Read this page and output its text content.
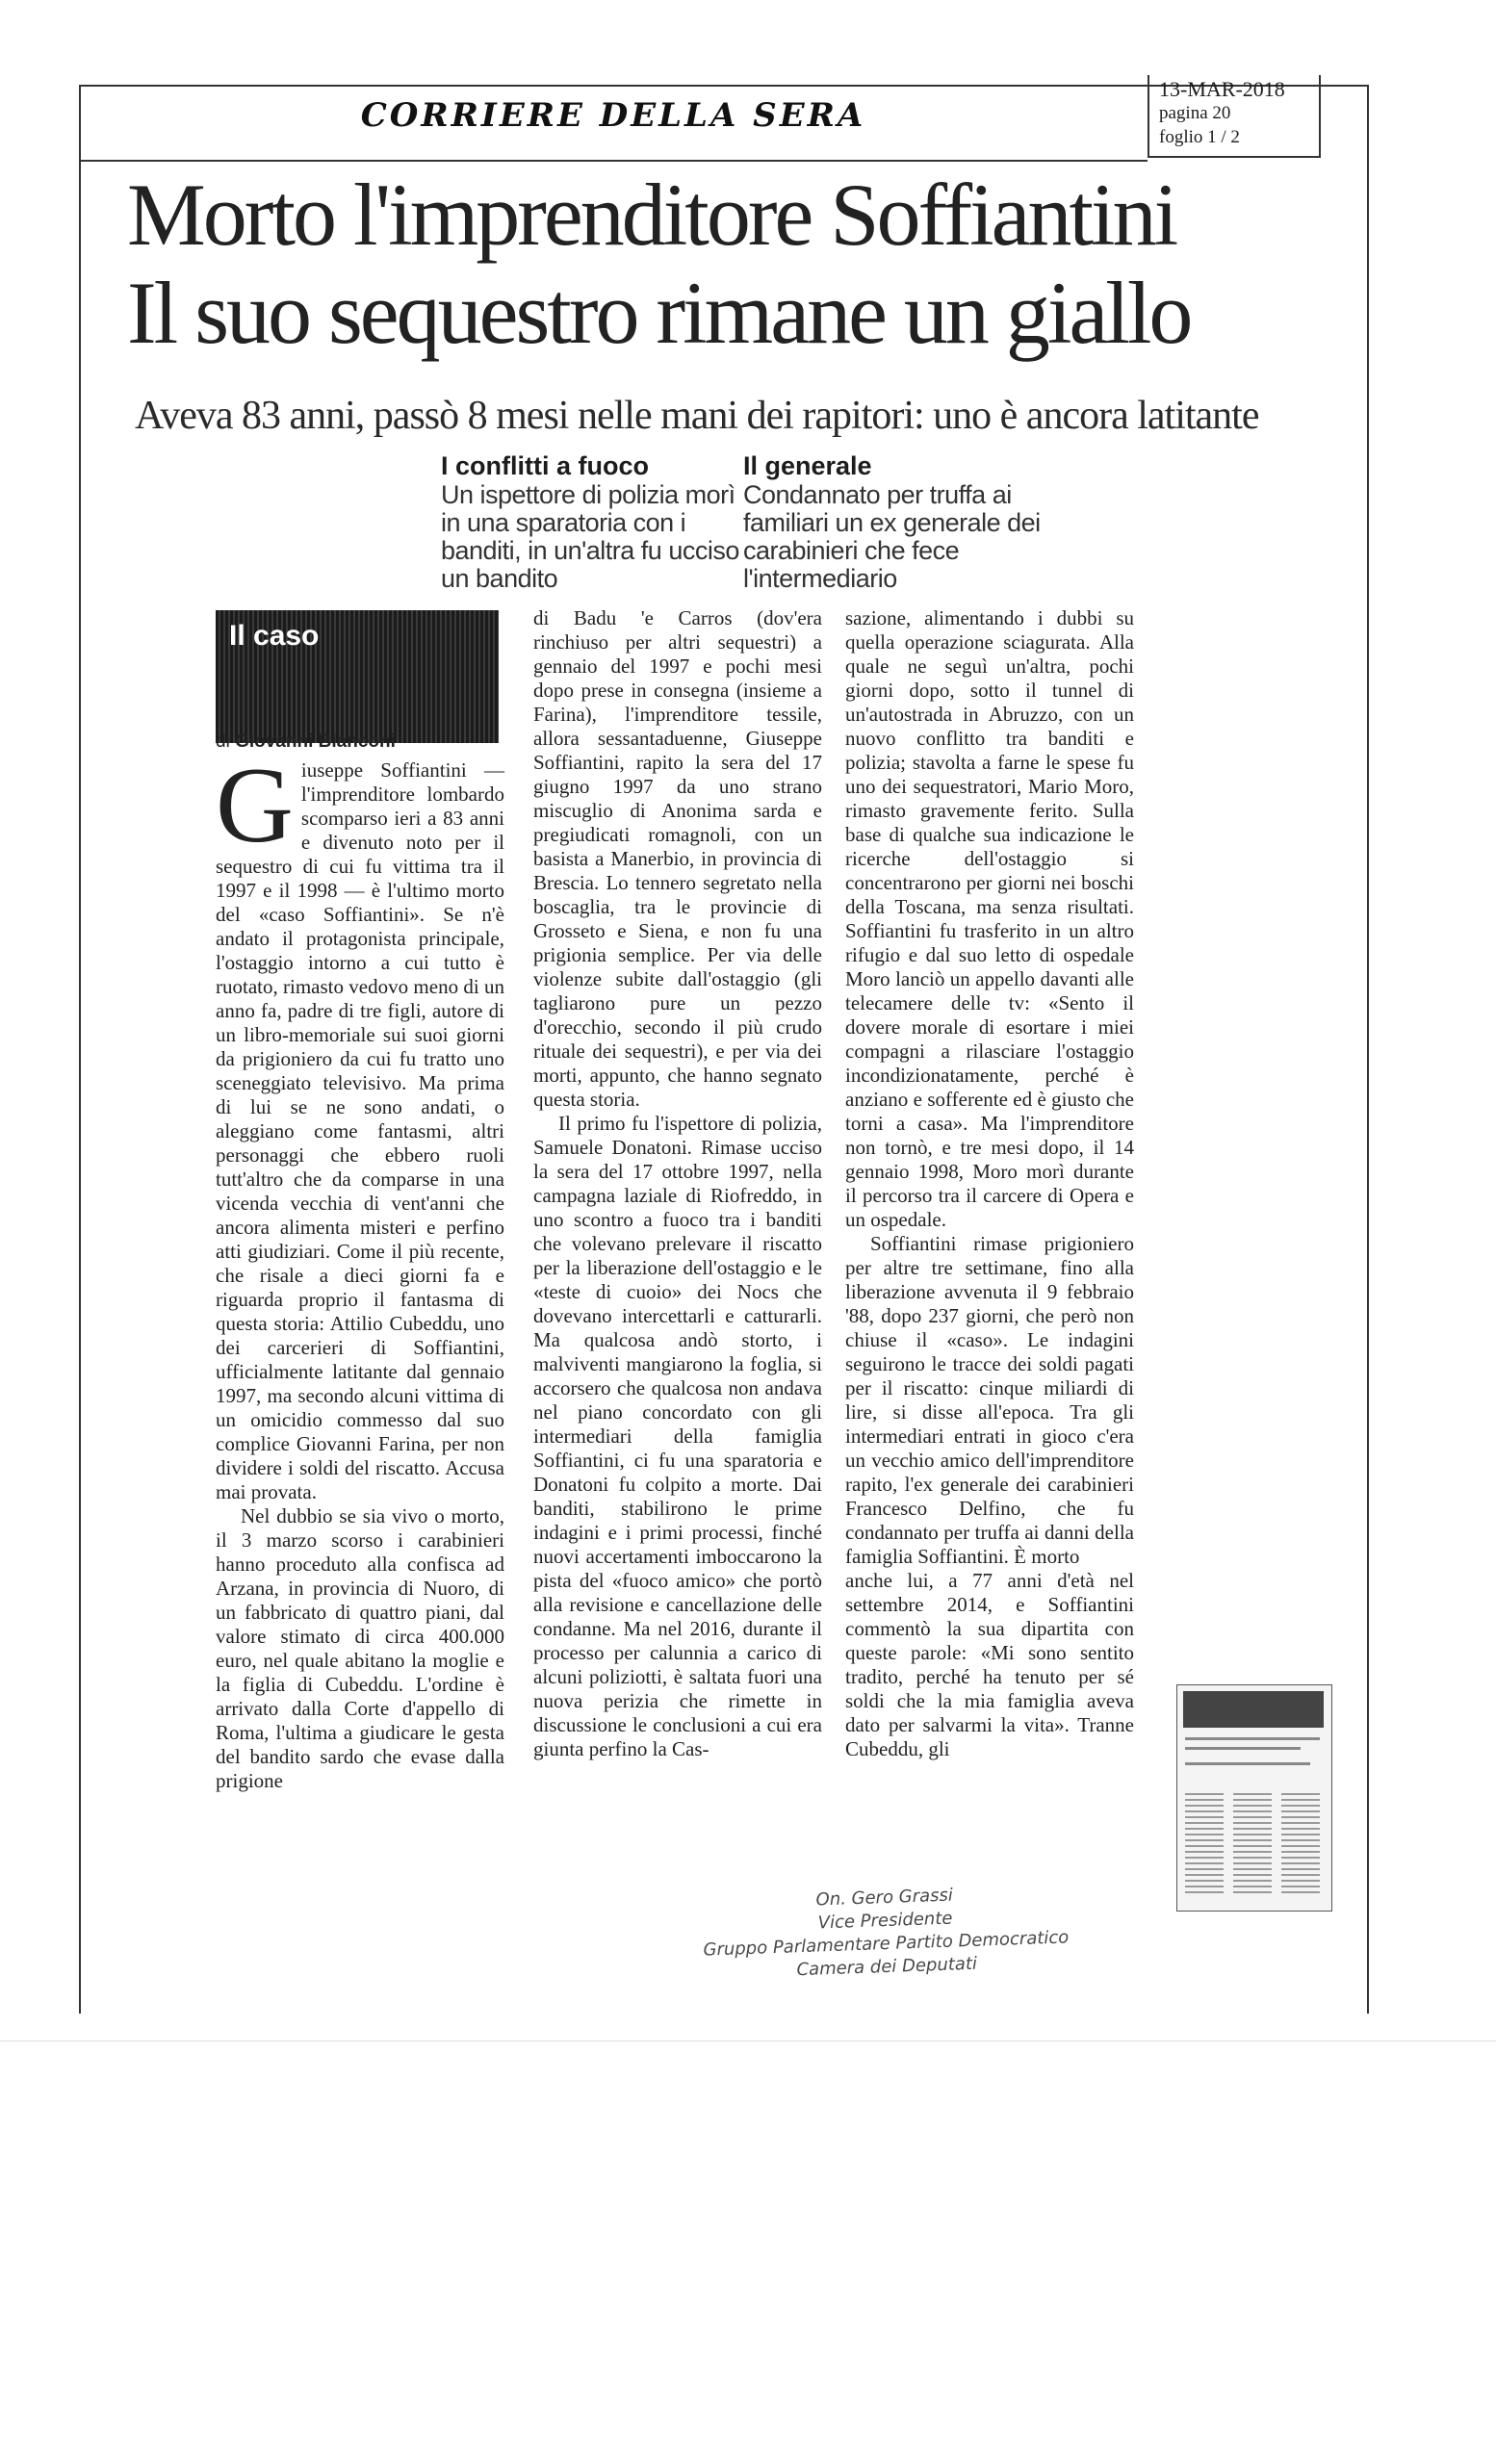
CORRIERE DELLA SERA
13-MAR-2018
pagina 20
foglio 1 / 2
Morto l'imprenditore Soffiantini
Il suo sequestro rimane un giallo
Aveva 83 anni, passò 8 mesi nelle mani dei rapitori: uno è ancora latitante
I conflitti a fuoco
Un ispettore di polizia morì in una sparatoria con i banditi, in un'altra fu ucciso un bandito
Il generale
Condannato per truffa ai familiari un ex generale dei carabinieri che fece l'intermediario
Il caso
di Giovanni Bianconi

Giuseppe Soffiantini — l'imprenditore lombardo scomparso ieri a 83 anni e divenuto noto per il sequestro di cui fu vittima tra il 1997 e il 1998 — è l'ultimo morto del «caso Soffiantini». Se n'è andato il protagonista principale, l'ostaggio intorno a cui tutto è ruotato, rimasto vedovo meno di un anno fa, padre di tre figli, autore di un libro-memoriale sui suoi giorni da prigioniero da cui fu tratto uno sceneggiato televisivo. Ma prima di lui se ne sono andati, o aleggiano come fantasmi, altri personaggi che ebbero ruoli tutt'altro che da comparse in una vicenda vecchia di vent'anni che ancora alimenta misteri e perfino atti giudiziari. Come il più recente, che risale a dieci giorni fa e riguarda proprio il fantasma di questa storia: Attilio Cubeddu, uno dei carcerieri di Soffiantini, ufficialmente latitante dal gennaio 1997, ma secondo alcuni vittima di un omicidio commesso dal suo complice Giovanni Farina, per non dividere i soldi del riscatto. Accusa mai provata.

Nel dubbio se sia vivo o morto, il 3 marzo scorso i carabinieri hanno proceduto alla confisca ad Arzana, in provincia di Nuoro, di un fabbricato di quattro piani, dal valore stimato di circa 400.000 euro, nel quale abitano la moglie e la figlia di Cubeddu. L'ordine è arrivato dalla Corte d'appello di Roma, l'ultima a giudicare le gesta del bandito sardo che evase dalla prigione

di Badu 'e Carros (dov'era rinchiuso per altri sequestri) a gennaio del 1997 e pochi mesi dopo prese in consegna (insieme a Farina), l'imprenditore tessile, allora sessantaduenne, Giuseppe Soffiantini, rapito la sera del 17 giugno 1997 da uno strano miscuglio di Anonima sarda e pregiudicati romagnoli, con un basista a Manerbio, in provincia di Brescia. Lo tennero segretato nella boscaglia, tra le provincie di Grosseto e Siena, e non fu una prigionia semplice. Per via delle violenze subite dall'ostaggio (gli tagliarono pure un pezzo d'orecchio, secondo il più crudo rituale dei sequestri), e per via dei morti, appunto, che hanno segnato questa storia.

Il primo fu l'ispettore di polizia, Samuele Donatoni. Rimase ucciso la sera del 17 ottobre 1997, nella campagna laziale di Riofreddo, in uno scontro a fuoco tra i banditi che volevano prelevare il riscatto per la liberazione dell'ostaggio e le «teste di cuoio» dei Nocs che dovevano intercettarli e catturarli. Ma qualcosa andò storto, i malviventi mangiarono la foglia, si accorsero che qualcosa non andava nel piano concordato con gli intermediari della famiglia Soffiantini, ci fu una sparatoria e Donatoni fu colpito a morte. Dai banditi, stabilirono le prime indagini e i primi processi, finché nuovi accertamenti imboccarono la pista del «fuoco amico» che portò alla revisione e cancellazione delle condanne. Ma nel 2016, durante il processo per calunnia a carico di alcuni poliziotti, è saltata fuori una nuova perizia che rimette in discussione le conclusioni a cui era giunta perfino la Cas-

sazione, alimentando i dubbi su quella operazione sciagurata. Alla quale ne seguì un'altra, pochi giorni dopo, sotto il tunnel di un'autostrada in Abruzzo, con un nuovo conflitto tra banditi e polizia; stavolta a farne le spese fu uno dei sequestratori, Mario Moro, rimasto gravemente ferito. Sulla base di qualche sua indicazione le ricerche dell'ostaggio si concentrarono per giorni nei boschi della Toscana, ma senza risultati. Soffiantini fu trasferito in un altro rifugio e dal suo letto di ospedale Moro lanciò un appello davanti alle telecamere delle tv: «Sento il dovere morale di esortare i miei compagni a rilasciare l'ostaggio incondizionatamente, perché è anziano e sofferente ed è giusto che torni a casa». Ma l'imprenditore non tornò, e tre mesi dopo, il 14 gennaio 1998, Moro morì durante il percorso tra il carcere di Opera e un ospedale.

Soffiantini rimase prigioniero per altre tre settimane, fino alla liberazione avvenuta il 9 febbraio '88, dopo 237 giorni, che però non chiuse il «caso». Le indagini seguirono le tracce dei soldi pagati per il riscatto: cinque miliardi di lire, si disse all'epoca. Tra gli intermediari entrati in gioco c'era un vecchio amico dell'imprenditore rapito, l'ex generale dei carabinieri Francesco Delfino, che fu condannato per truffa ai danni della famiglia Soffiantini. È morto

anche lui, a 77 anni d'età nel settembre 2014, e Soffiantini commentò la sua dipartita con queste parole: «Mi sono sentito tradito, perché ha tenuto per sé soldi che la mia famiglia aveva dato per salvarmi la vita». Tranne Cubeddu, gli

On. Gero Grassi
Vice Presidente
Gruppo Parlamentare Partito Democratico
Camera dei Deputati
